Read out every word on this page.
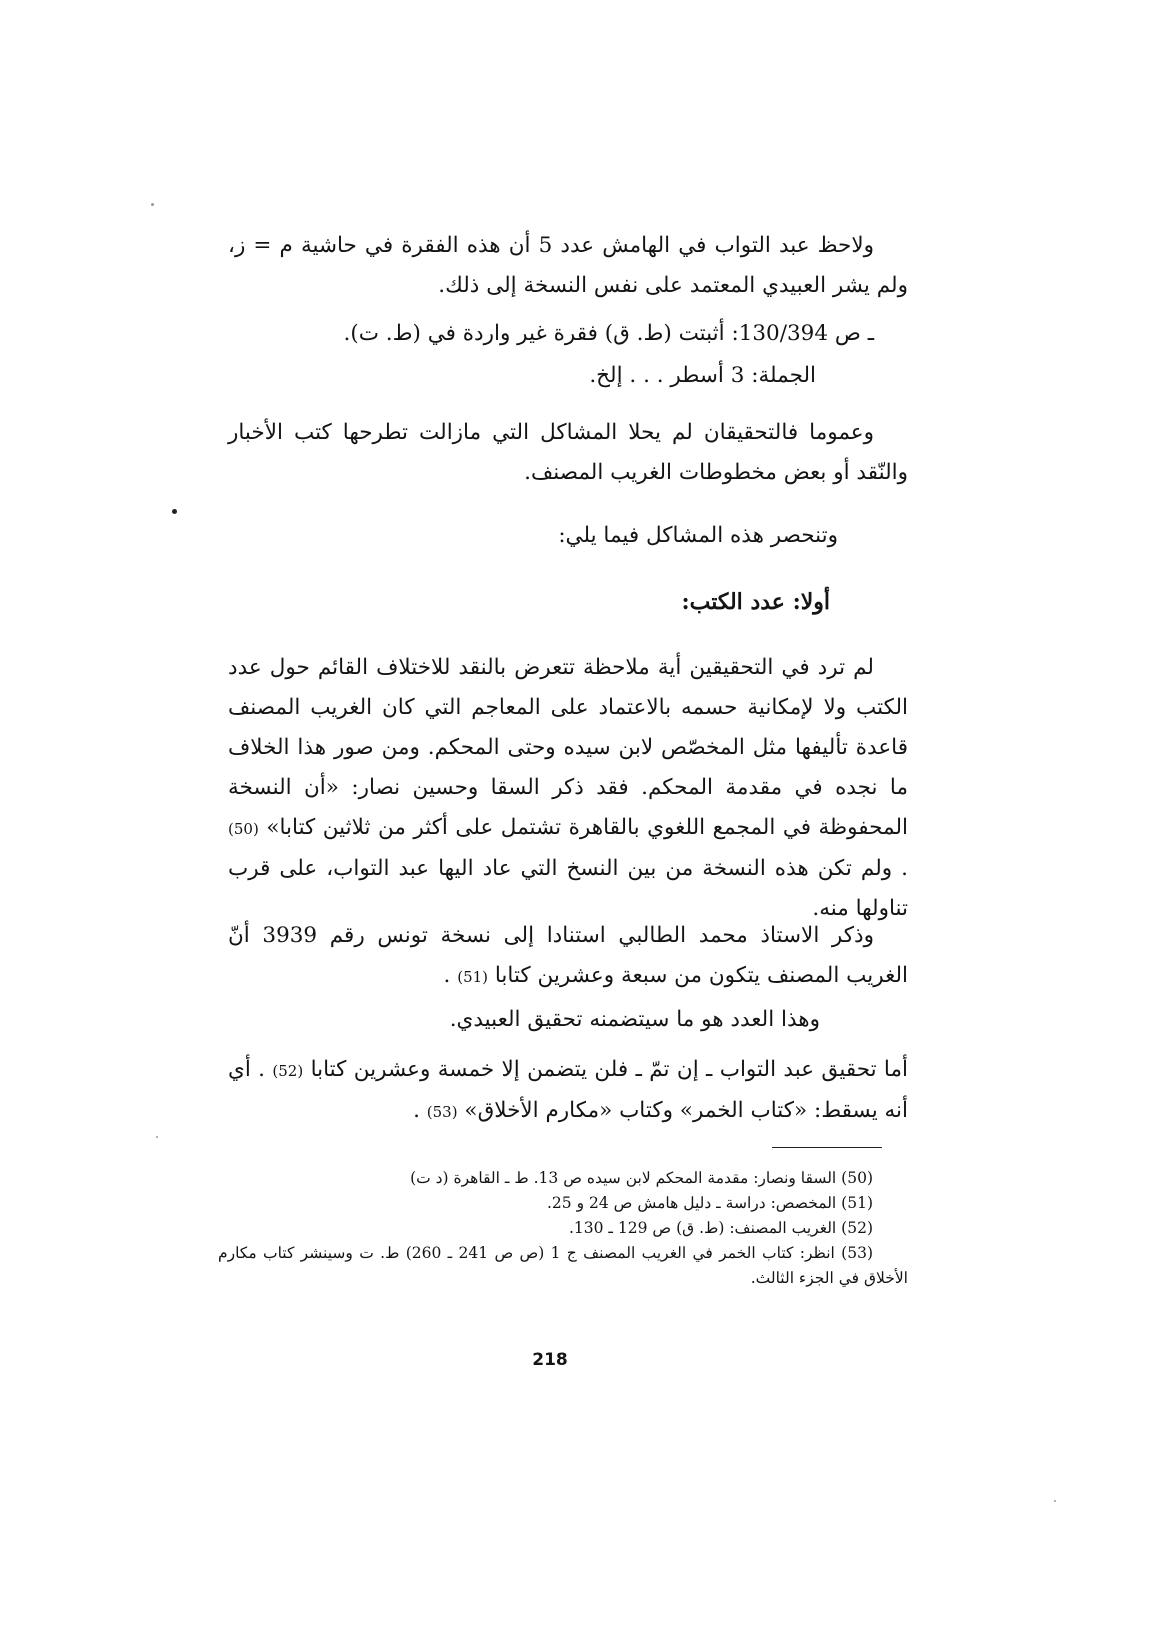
ولاحظ عبد التواب في الهامش عدد 5 أن هذه الفقرة في حاشية م = ز، ولم يشر العبيدي المعتمد على نفس النسخة إلى ذلك.
ـ ص 130/394: أثبتت (ط. ق) فقرة غير واردة في (ط. ت).
الجملة: 3 أسطر . . . إلخ.
وعموما فالتحقيقان لم يحلا المشاكل التي مازالت تطرحها كتب الأخبار والنّقد أو بعض مخطوطات الغريب المصنف.
وتنحصر هذه المشاكل فيما يلي:
أولا: عدد الكتب:
لم ترد في التحقيقين أية ملاحظة تتعرض بالنقد للاختلاف القائم حول عدد الكتب ولا لإمكانية حسمه بالاعتماد على المعاجم التي كان الغريب المصنف قاعدة تأليفها مثل المخصّص لابن سيده وحتى المحكم. ومن صور هذا الخلاف ما نجده في مقدمة المحكم. فقد ذكر السقا وحسين نصار: «أن النسخة المحفوظة في المجمع اللغوي بالقاهرة تشتمل على أكثر من ثلاثين كتابا» (50) . ولم تكن هذه النسخة من بين النسخ التي عاد اليها عبد التواب، على قرب تناولها منه.
وذكر الاستاذ محمد الطالبي استنادا إلى نسخة تونس رقم 3939 أنّ الغريب المصنف يتكون من سبعة وعشرين كتابا (51) .
وهذا العدد هو ما سيتضمنه تحقيق العبيدي.
أما تحقيق عبد التواب ـ إن تمّ ـ فلن يتضمن إلا خمسة وعشرين كتابا (52) . أي أنه يسقط: «كتاب الخمر» وكتاب «مكارم الأخلاق» (53) .
(50) السقا ونصار: مقدمة المحكم لابن سيده ص 13. ط ـ القاهرة (د ت)
(51) المخصص: دراسة ـ دليل هامش ص 24 و 25.
(52) الغريب المصنف: (ط. ق) ص 129 ـ 130.
(53) انظر: كتاب الخمر في الغريب المصنف ج 1 (ص ص 241 ـ 260) ط. ت وسينشر كتاب مكارم الأخلاق في الجزء الثالث.
218
